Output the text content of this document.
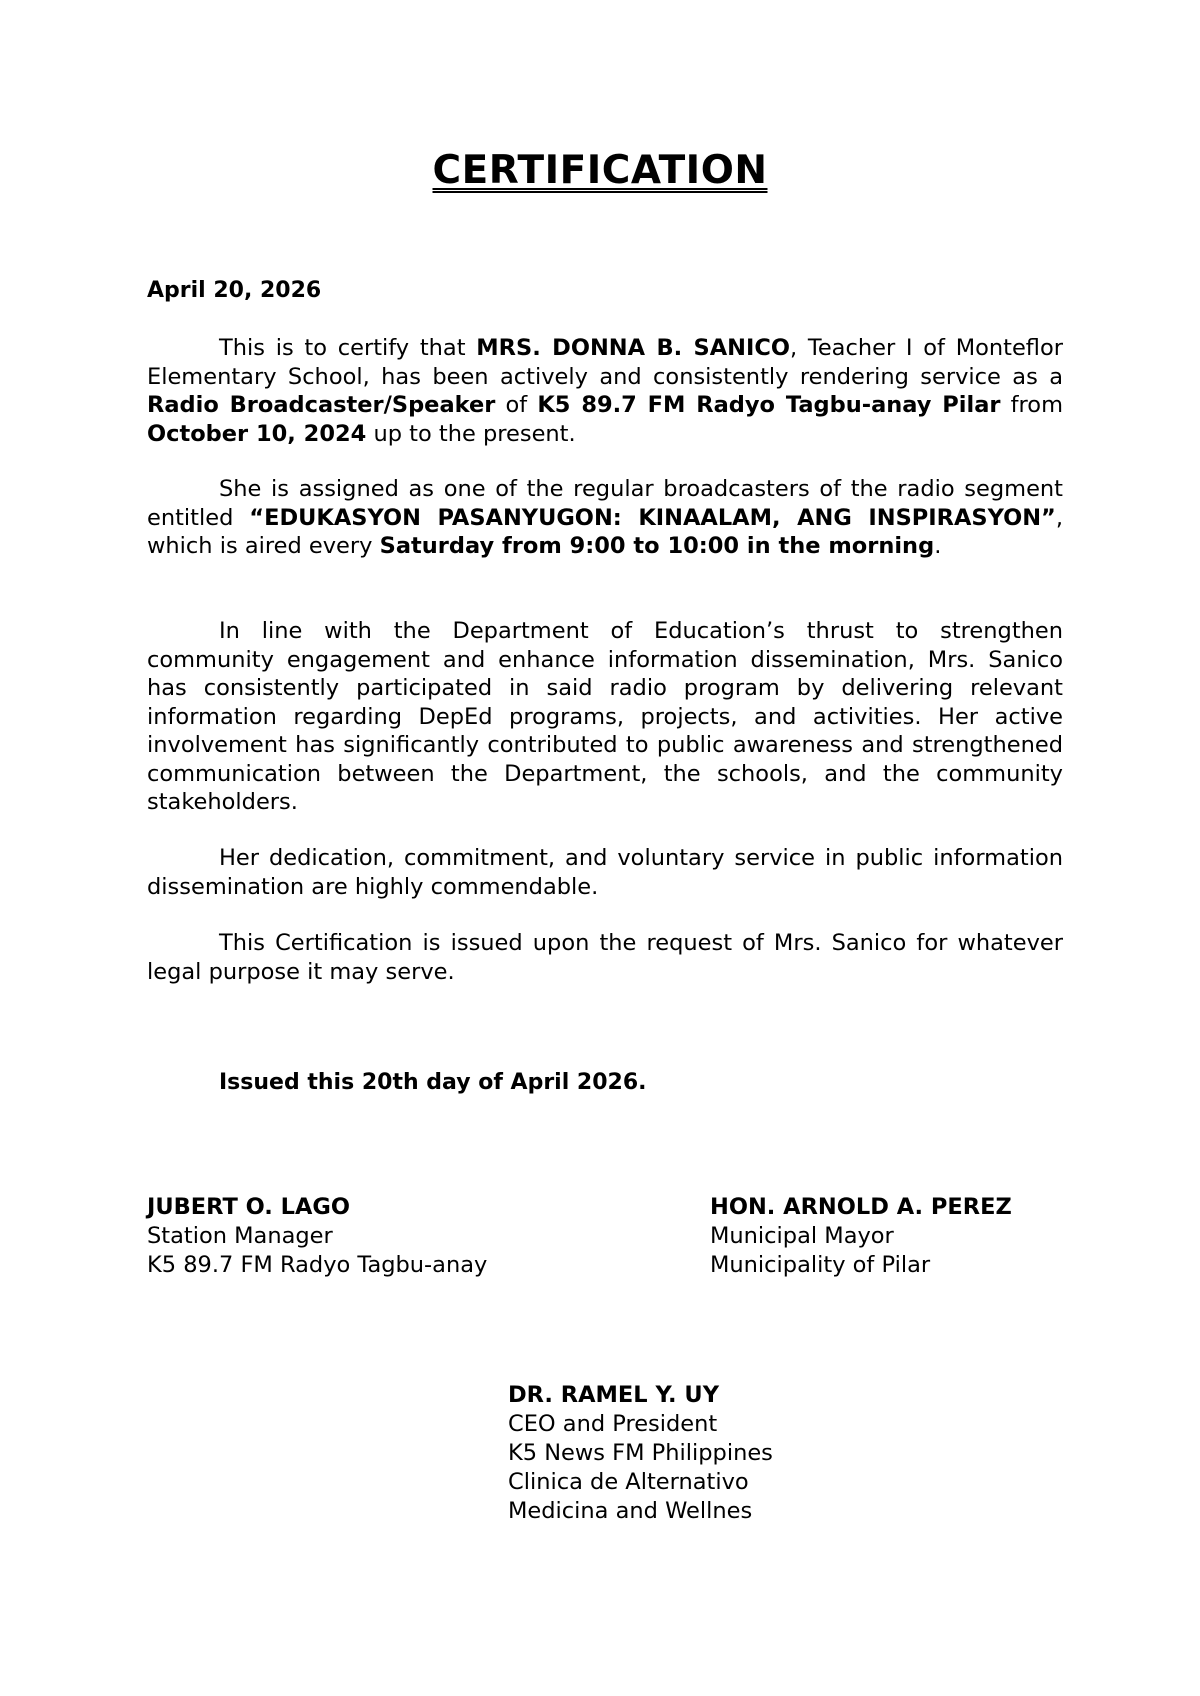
CERTIFICATION
April 20, 2026

This is to certify that MRS. DONNA B. SANICO, Teacher I of Monteflor Elementary School, has been actively and consistently rendering service as a Radio Broadcaster/Speaker of K5 89.7 FM Radyo Tagbu-anay Pilar from October 10, 2024 up to the present.

She is assigned as one of the regular broadcasters of the radio segment entitled “EDUKASYON PASANYUGON: KINAALAM, ANG INSPIRASYON”, which is aired every Saturday from 9:00 to 10:00 in the morning.

In line with the Department of Education’s thrust to strengthen community engagement and enhance information dissemination, Mrs. Sanico has consistently participated in said radio program by delivering relevant information regarding DepEd programs, projects, and activities. Her active involvement has significantly contributed to public awareness and strengthened communication between the Department, the schools, and the community stakeholders.

Her dedication, commitment, and voluntary service in public information dissemination are highly commendable.

This Certification is issued upon the request of Mrs. Sanico for whatever legal purpose it may serve.

Issued this 20th day of April 2026.
JUBERT O. LAGO
Station Manager
K5 89.7 FM Radyo Tagbu-anay
HON. ARNOLD A. PEREZ
Municipal Mayor
Municipality of Pilar
DR. RAMEL Y. UY
CEO and President
K5 News FM Philippines
Clinica de Alternativo
Medicina and Wellnes
